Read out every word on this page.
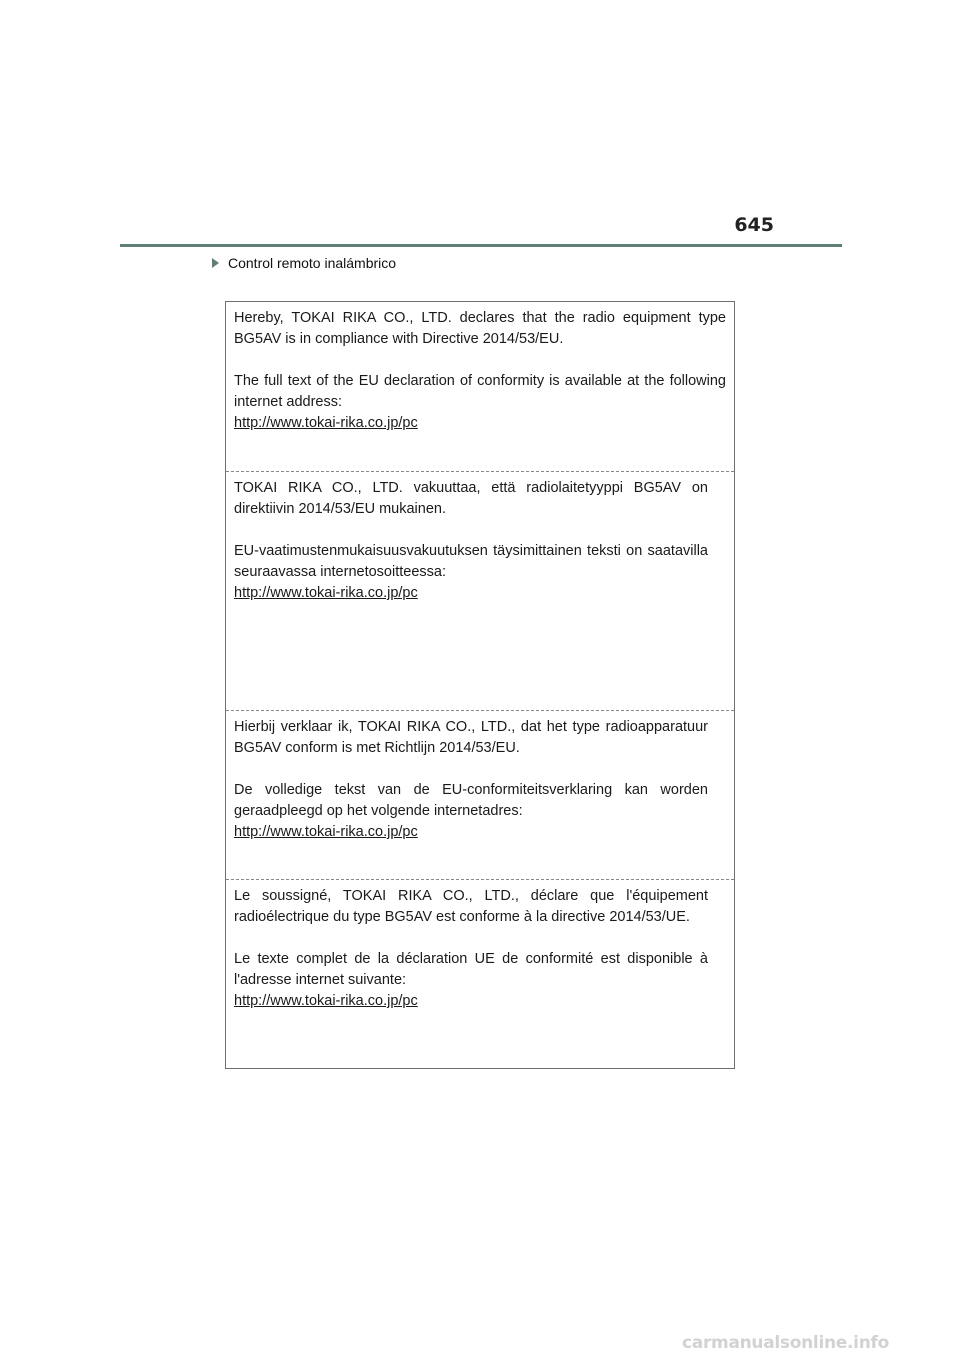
645
Control remoto inalámbrico

Hereby, TOKAI RIKA CO., LTD. declares that the radio equipment type BG5AV is in compliance with Directive 2014/53/EU.

The full text of the EU declaration of conformity is available at the following internet address:

http://www.tokai-rika.co.jp/pc

TOKAI RIKA CO., LTD. vakuuttaa, että radiolaitetyyppi BG5AV on direktiivin 2014/53/EU mukainen.

EU-vaatimustenmukaisuusvakuutuksen täysimittainen teksti on saatavilla seuraavassa internetosoitteessa:

http://www.tokai-rika.co.jp/pc

Hierbij verklaar ik, TOKAI RIKA CO., LTD., dat het type radioapparatuur BG5AV conform is met Richtlijn 2014/53/EU.

De volledige tekst van de EU-conformiteitsverklaring kan worden geraadpleegd op het volgende internetadres:

http://www.tokai-rika.co.jp/pc

Le soussigné, TOKAI RIKA CO., LTD., déclare que l'équipement radioélectrique du type BG5AV est conforme à la directive 2014/53/UE.

Le texte complet de la déclaration UE de conformité est disponible à l'adresse internet suivante:

http://www.tokai-rika.co.jp/pc
carmanualsonline.info
